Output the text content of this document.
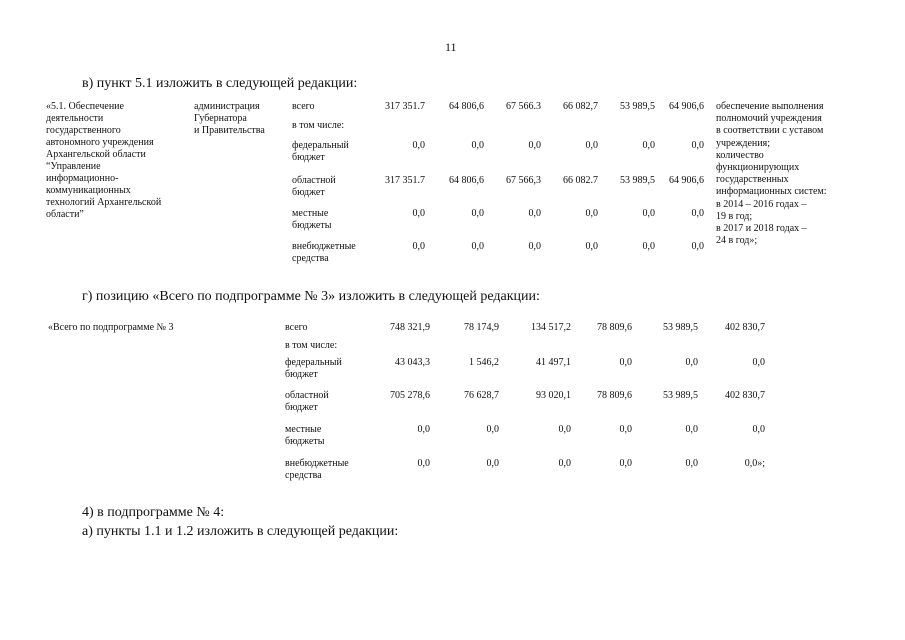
11
в) пункт 5.1 изложить в следующей редакции:
«5.1. Обеспечение
деятельности
государственного
автономного учреждения
Архангельской области
“Управление
информационно-
коммуникационных
технологий Архангельской
области”
администрация
Губернатора
и Правительства
всего	317 351.7	64 806,6	67 566.3	66 082,7	53 989,5	64 906,6
в том числе:
федеральный
бюджет
0,0	0,0	0,0	0,0	0,0	0,0
областной
бюджет
317 351.7	64 806,6	67 566,3	66 082.7	53 989,5	64 906,6
местные
бюджеты
0,0	0,0	0,0	0,0	0,0	0,0
внебюджетные
средства
0,0	0,0	0,0	0,0	0,0	0,0
обеспечение выполнения
полномочий учреждения
в соответствии с уставом
учреждения;
количество
функционирующих
государственных
информационных систем:
в 2014 – 2016 годах –
19 в год;
в 2017 и 2018 годах –
24 в год»;
г) позицию «Всего по подпрограмме № 3» изложить в следующей редакции:
«Всего по подпрограмме № 3	всего	748 321,9	78 174,9	134 517,2	78 809,6	53 989,5	402 830,7
в том числе:
федеральный
бюджет
43 043,3	1 546,2	41 497,1	0,0	0,0	0,0
областной
бюджет
705 278,6	76 628,7	93 020,1	78 809,6	53 989,5	402 830,7
местные
бюджеты
0,0	0,0	0,0	0,0	0,0	0,0
внебюджетные
средства
0,0	0,0	0,0	0,0	0,0	0,0»;
4) в подпрограмме № 4:
а) пункты 1.1 и 1.2 изложить в следующей редакции:
